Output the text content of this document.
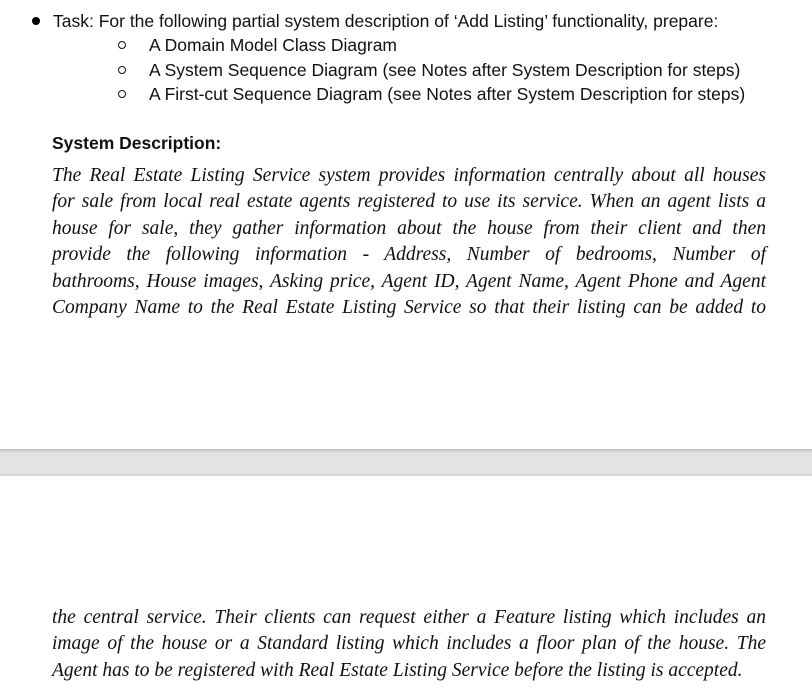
Task: For the following partial system description of ‘Add Listing’ functionality, prepare:
A Domain Model Class Diagram
A System Sequence Diagram (see Notes after System Description for steps)
A First-cut Sequence Diagram (see Notes after System Description for steps)
System Description:
The Real Estate Listing Service system provides information centrally about all houses
for sale from local real estate agents registered to use its service. When an agent lists a
house for sale, they gather information about the house from their client and then
provide the following information - Address, Number of bedrooms, Number of
bathrooms, House images, Asking price, Agent ID, Agent Name, Agent Phone and Agent
Company Name to the Real Estate Listing Service so that their listing can be added to
the central service. Their clients can request either a Feature listing which includes an
image of the house or a Standard listing which includes a floor plan of the house. The
Agent has to be registered with Real Estate Listing Service before the listing is accepted.
